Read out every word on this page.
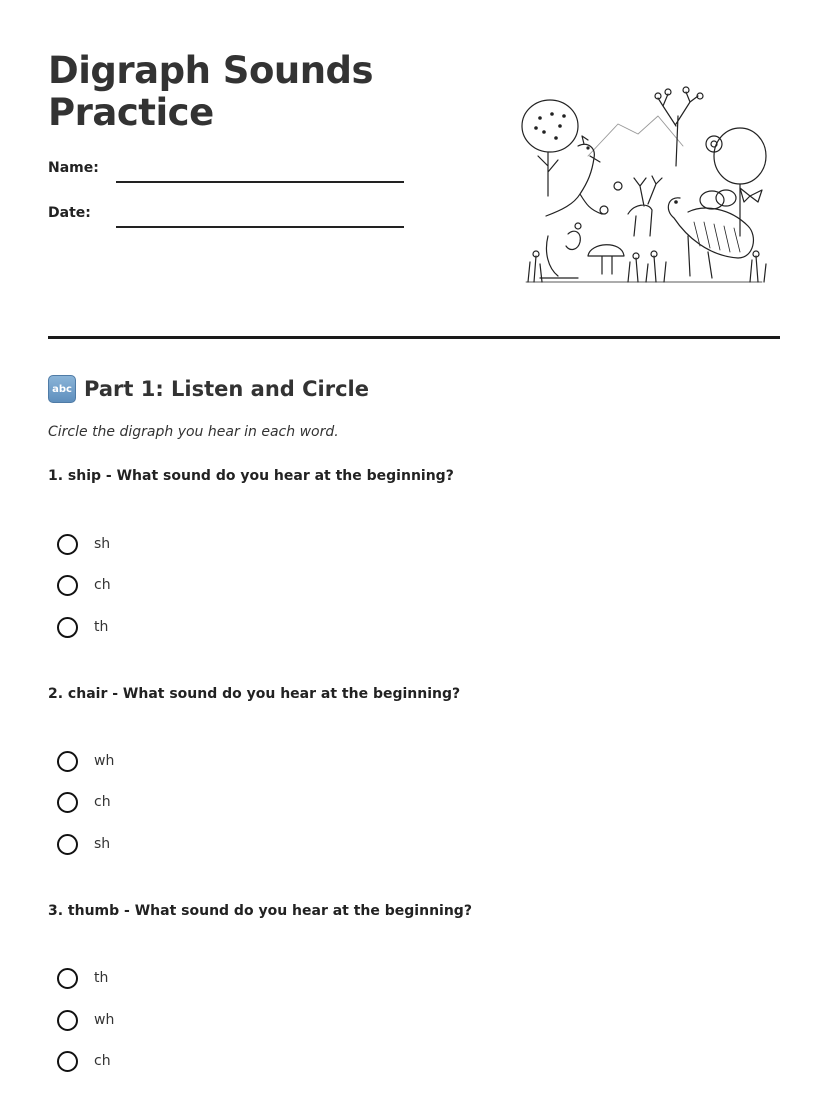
Digraph Sounds Practice
Name:
Date:
abc Part 1: Listen and Circle
Circle the digraph you hear in each word.
1. ship - What sound do you hear at the beginning?
sh
ch
th
2. chair - What sound do you hear at the beginning?
wh
ch
sh
3. thumb - What sound do you hear at the beginning?
th
wh
ch
